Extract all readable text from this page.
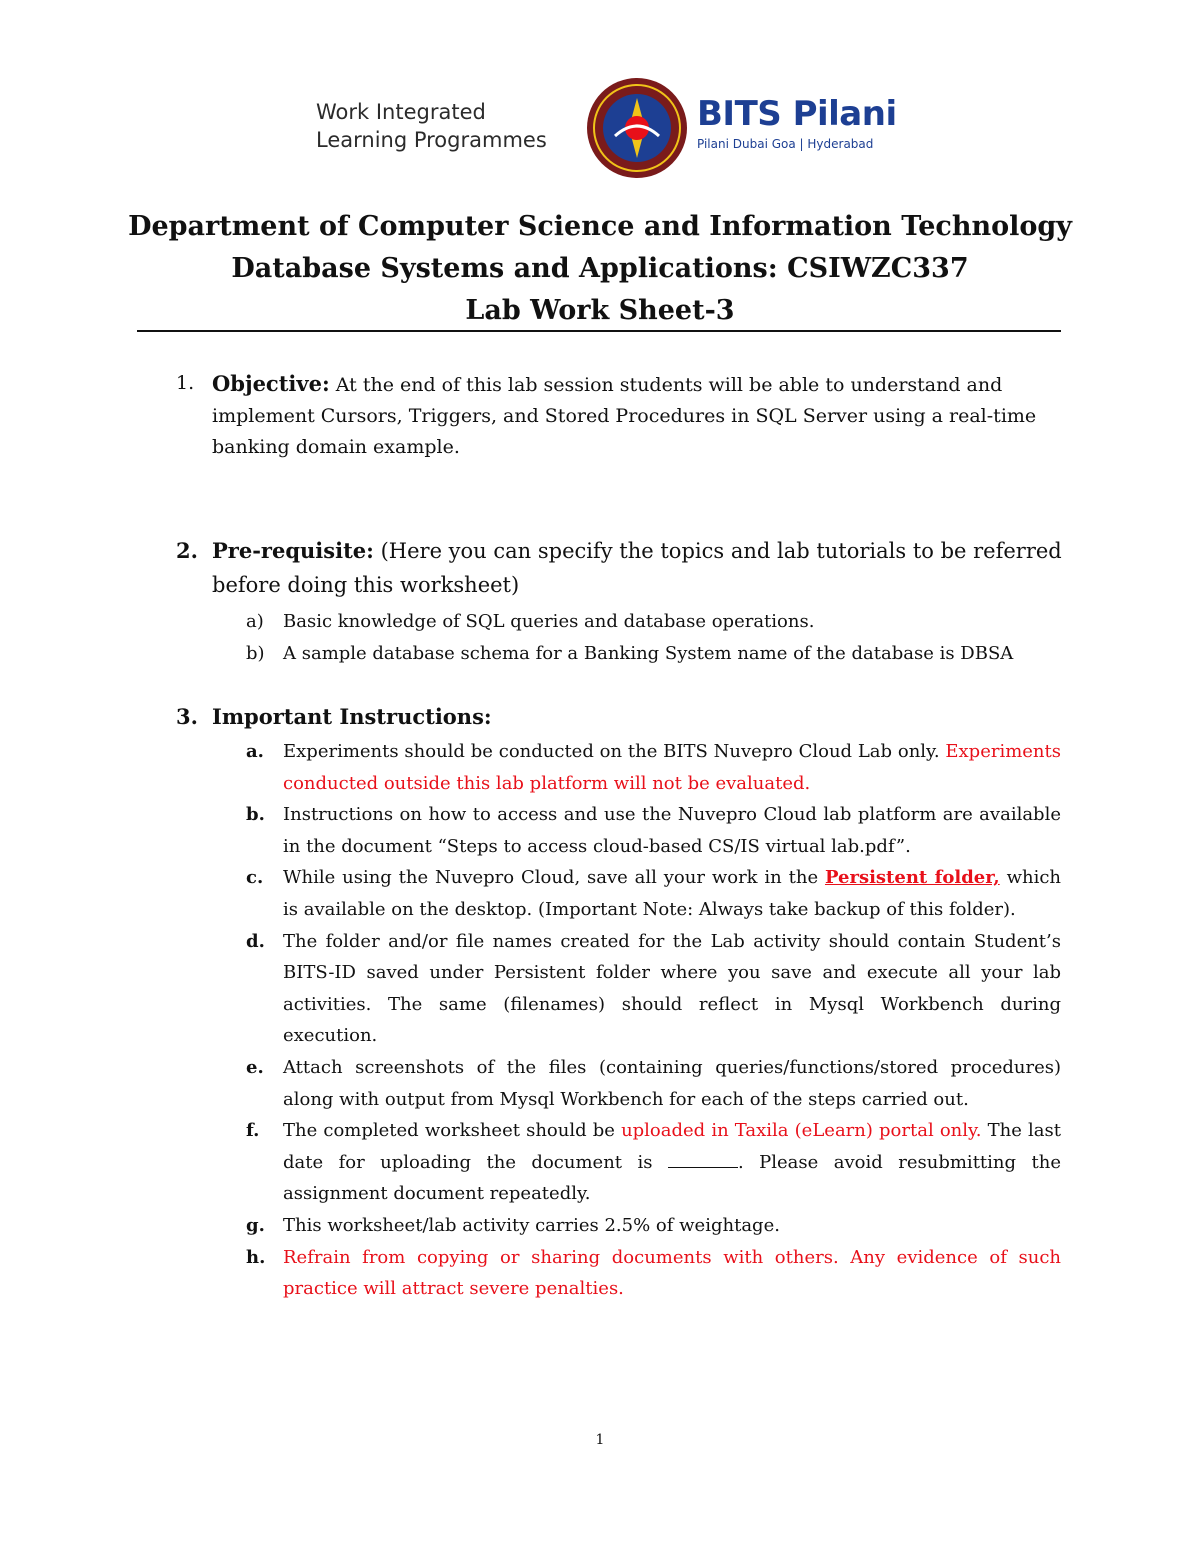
Work Integrated
Learning Programmes
BITS Pilani
Pilani Dubai Goa | Hyderabad
Department of Computer Science and Information Technology
Database Systems and Applications: CSIWZC337
Lab Work Sheet-3
1. Objective: At the end of this lab session students will be able to understand and implement Cursors, Triggers, and Stored Procedures in SQL Server using a real-time banking domain example.
2. Pre-requisite: (Here you can specify the topics and lab tutorials to be referred before doing this worksheet)
a) Basic knowledge of SQL queries and database operations.
b) A sample database schema for a Banking System name of the database is DBSA
3. Important Instructions:
a. Experiments should be conducted on the BITS Nuvepro Cloud Lab only. Experiments conducted outside this lab platform will not be evaluated.
b. Instructions on how to access and use the Nuvepro Cloud lab platform are available in the document “Steps to access cloud-based CS/IS virtual lab.pdf”.
c. While using the Nuvepro Cloud, save all your work in the Persistent folder, which is available on the desktop. (Important Note: Always take backup of this folder).
d. The folder and/or file names created for the Lab activity should contain Student’s BITS-ID saved under Persistent folder where you save and execute all your lab activities. The same (filenames) should reflect in Mysql Workbench during execution.
e. Attach screenshots of the files (containing queries/functions/stored procedures) along with output from Mysql Workbench for each of the steps carried out.
f. The completed worksheet should be uploaded in Taxila (eLearn) portal only. The last date for uploading the document is	. Please avoid resubmitting the assignment document repeatedly.
g. This worksheet/lab activity carries 2.5% of weightage.
h. Refrain from copying or sharing documents with others. Any evidence of such practice will attract severe penalties.
1
